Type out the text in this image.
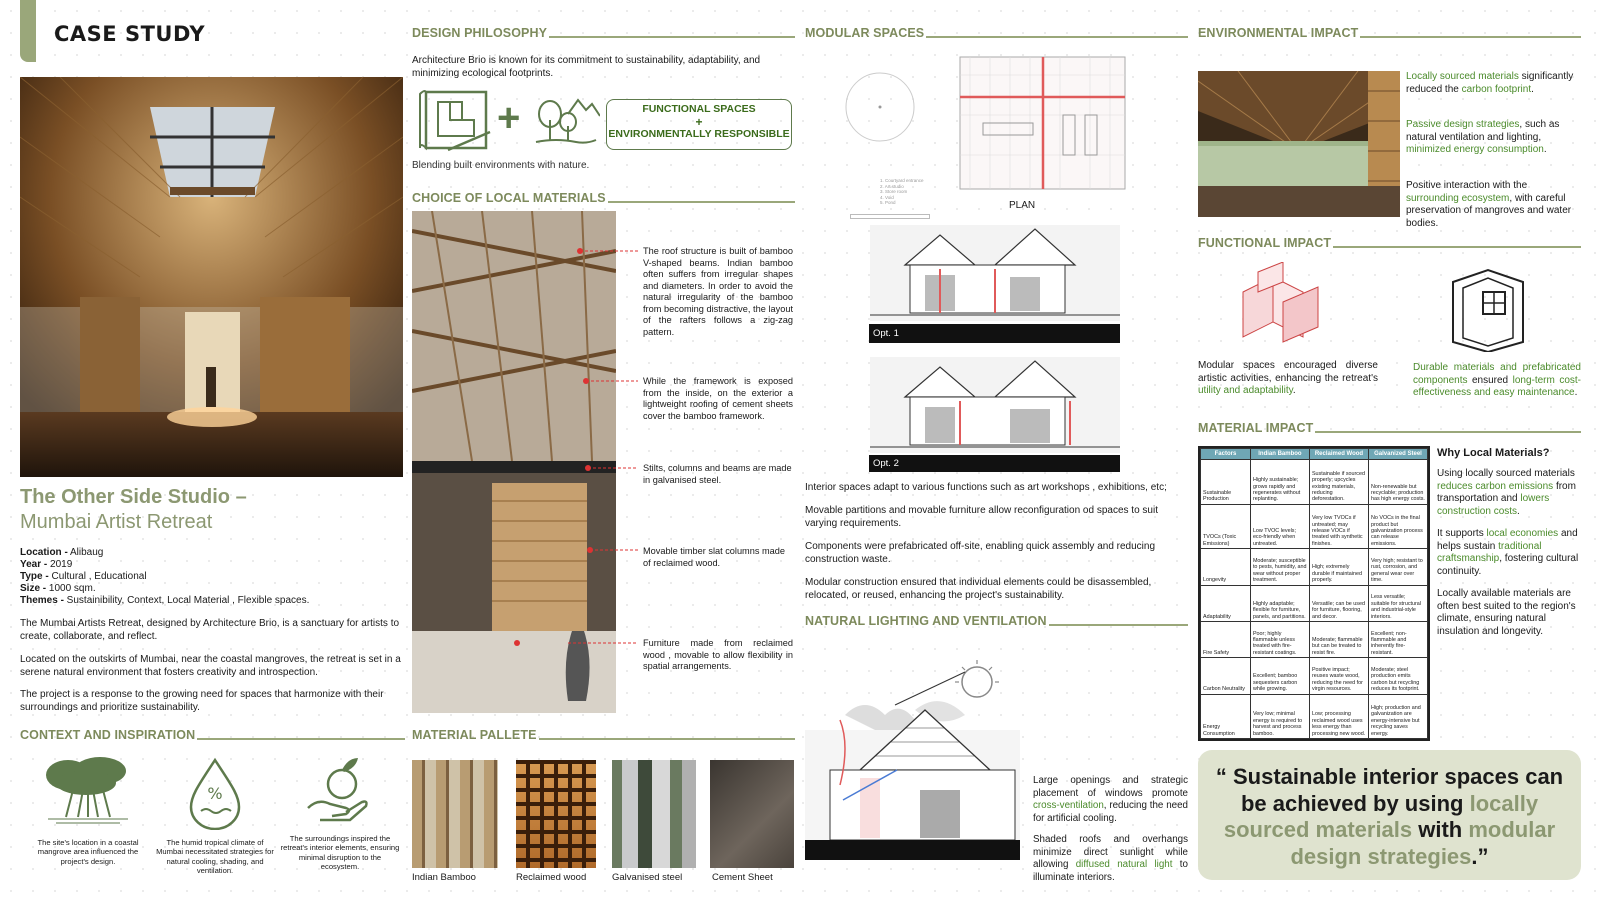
CASE STUDY
The Other Side Studio –
Mumbai Artist Retreat
Location - Alibaug
Year - 2019
Type - Cultural , Educational
Size - 1000 sqm.
Themes - Sustainibility, Context, Local Material , Flexible spaces.
The Mumbai Artists Retreat, designed by Architecture Brio, is a sanctuary for artists to create, collaborate, and reflect.
Located on the outskirts of Mumbai, near the coastal mangroves, the retreat is set in a serene natural environment that fosters creativity and introspection.
The project is a response to the growing need for spaces that harmonize with their surroundings and prioritize sustainability.
CONTEXT AND INSPIRATION
The site's location in a coastal mangrove area influenced the project's design.
%
The humid tropical climate of Mumbai necessitated strategies for natural cooling, shading, and ventilation.
The surroundings inspired the retreat's interior elements, ensuring minimal disruption to the ecosystem.
DESIGN PHILOSOPHY
Architecture Brio is known for its commitment to sustainability, adaptability, and minimizing ecological footprints.
+	FUNCTIONAL SPACES
+
ENVIRONMENTALLY RESPONSIBLE
Blending built environments with nature.
CHOICE OF LOCAL MATERIALS
The roof structure is built of bamboo V-shaped beams. Indian bamboo often suffers from irregular shapes and diameters. In order to avoid the natural irregularity of the bamboo from becoming distractive, the layout of the rafters follows a zig-zag pattern.
While the framework is exposed from the inside, on the exterior a lightweight roofing of cement sheets cover the bamboo framework.
Stilts, columns and beams are made in galvanised steel.
Movable timber slat columns made of reclaimed wood.
Furniture made from reclaimed wood , movable to allow flexibility in spatial arrangements.
MATERIAL PALLETE
Indian Bamboo	Reclaimed wood	Galvanised steel	Cement Sheet
MODULAR SPACES
1. Courtyard entrance
2. Art studio
3. Store room
4. Void
5. Pond	PLAN
Opt. 1
Opt. 2
Interior spaces adapt to various functions such as art workshops , exhibitions, etc;
Movable partitions and movable furniture allow reconfiguration od spaces to suit varying requirements.
Components were prefabricated off-site, enabling quick assembly and reducing construction waste.
Modular construction ensured that individual elements could be disassembled, relocated, or reused, enhancing the project's sustainability.
NATURAL LIGHTING AND VENTILATION
Large openings and strategic placement of windows promote cross-ventilation, reducing the need for artificial cooling.
Shaded roofs and overhangs minimize direct sunlight while allowing diffused natural light to illuminate interiors.
ENVIRONMENTAL IMPACT
Locally sourced materials significantly reduced the carbon footprint.
Passive design strategies, such as natural ventilation and lighting, minimized energy consumption.
Positive interaction with the surrounding ecosystem, with careful preservation of mangroves and water bodies.
FUNCTIONAL IMPACT
Modular spaces encouraged diverse artistic activities, enhancing the retreat's utility and adaptability.
Durable materials and prefabricated components ensured long-term cost-effectiveness and easy maintenance.
MATERIAL IMPACT
Factors	Indian Bamboo	Reclaimed Wood	Galvanized Steel
Sustainable Production	Highly sustainable; grows rapidly and regenerates without replanting.	Sustainable if sourced properly; upcycles existing materials, reducing deforestation.	Non-renewable but recyclable; production has high energy costs.
TVOCs (Toxic Emissions)	Low TVOC levels; eco-friendly when untreated.	Very low TVOCs if untreated; may release VOCs if treated with synthetic finishes.	No VOCs in the final product but galvanization process can release emissions.
Longevity	Moderate; susceptible to pests, humidity, and wear without proper treatment.	High; extremely durable if maintained properly.	Very high; resistant to rust, corrosion, and general wear over time.
Adaptability	Highly adaptable; flexible for furniture, panels, and partitions.	Versatile; can be used for furniture, flooring, and decor.	Less versatile; suitable for structural and industrial-style interiors.
Fire Safety	Poor; highly flammable unless treated with fire-resistant coatings.	Moderate; flammable but can be treated to resist fire.	Excellent; non-flammable and inherently fire-resistant.
Carbon Neutrality	Excellent; bamboo sequesters carbon while growing.	Positive impact; reuses waste wood, reducing the need for virgin resources.	Moderate; steel production emits carbon but recycling reduces its footprint.
Energy Consumption	Very low; minimal energy is required to harvest and process bamboo.	Low; processing reclaimed wood uses less energy than processing new wood.	High; production and galvanization are energy-intensive but recycling saves energy.
Why Local Materials?
Using locally sourced materials reduces carbon emissions from transportation and lowers construction costs.
It supports local economies and helps sustain traditional craftsmanship, fostering cultural continuity.
Locally available materials are often best suited to the region's climate, ensuring natural insulation and longevity.
“ Sustainable interior spaces can be achieved by using locally sourced materials with modular design strategies.”
